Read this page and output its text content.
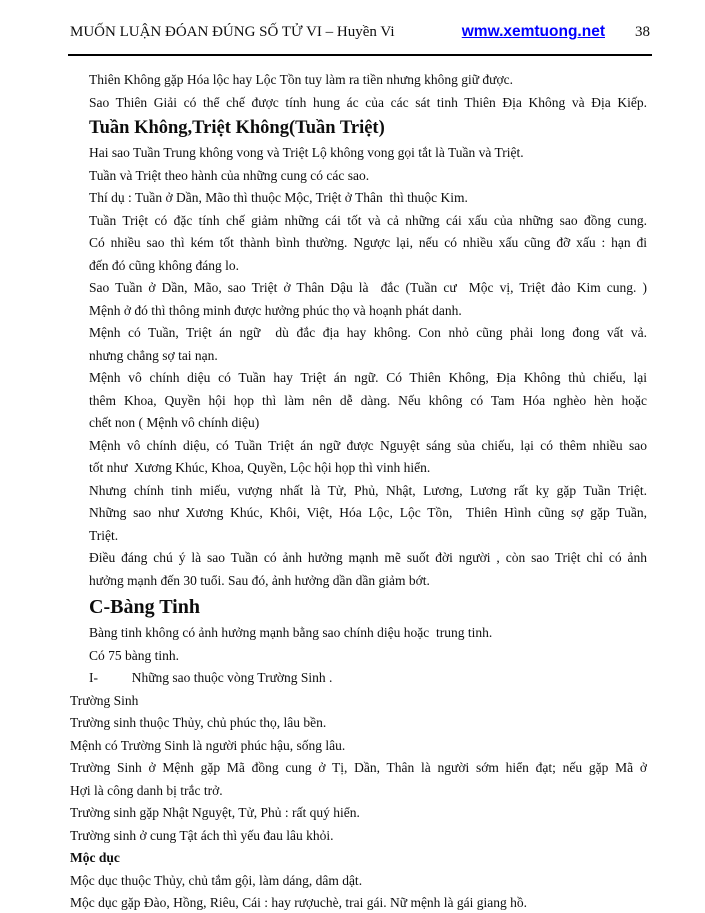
MUỐN LUẬN ĐÓAN ĐÚNG SỐ TỬ VI – Huyền Vi	wmw.xemtuong.net 38
Thiên Không gặp Hóa lộc hay Lộc Tồn tuy làm ra tiền nhưng không giữ được.
Sao Thiên Giải có thể chế được tính hung ác của các sát tinh Thiên Địa Không và Địa Kiếp.
Tuần Không,Triệt Không(Tuần Triệt)
Hai sao Tuần Trung không vong và Triệt Lộ không vong gọi tắt là Tuần và Triệt.
Tuần và Triệt theo hành của những cung có các sao.
Thí dụ : Tuần ở Dần, Mão thì thuộc Mộc, Triệt ở Thân  thì thuộc Kim.
Tuần Triệt có đặc tính chế giảm những cái tốt và cả những cái xấu của những sao đồng cung.
Có nhiều sao thì kém tốt thành bình thường. Ngược lại, nếu có nhiều xấu cũng đỡ xấu : hạn đi
đến đó cũng không đáng lo.
Sao Tuần ở Dần, Mão, sao Triệt ở Thân Dậu là  đắc (Tuần cư  Mộc vị, Triệt đảo Kim cung. )
Mệnh ở đó thì thông minh được hưởng phúc thọ và hoạnh phát danh.
Mệnh có Tuần, Triệt án ngữ  dù đắc địa hay không. Con nhỏ cũng phải long đong vất vả.
nhưng chẳng sợ tai nạn.
Mệnh vô chính diệu có Tuần hay Triệt án ngữ. Có Thiên Không, Địa Không thủ chiếu, lại
thêm Khoa, Quyền hội họp thì làm nên dễ dàng. Nếu không có Tam Hóa nghèo hèn hoặc
chết non ( Mệnh vô chính diệu)
Mệnh vô chính diệu, có Tuần Triệt án ngữ được Nguyệt sáng sủa chiếu, lại có thêm nhiều sao
tốt như  Xương Khúc, Khoa, Quyền, Lộc hội họp thì vinh hiển.
Nhưng chính tinh miếu, vượng nhất là Tử, Phủ, Nhật, Lương, Lương rất kỵ gặp Tuần Triệt.
Những sao như Xương Khúc, Khôi, Việt, Hóa Lộc, Lộc Tồn,  Thiên Hình cũng sợ gặp Tuần,
Triệt.
Điều đáng chú ý là sao Tuần có ảnh hưởng mạnh mẽ suốt đời người , còn sao Triệt chỉ có ảnh
hưởng mạnh đến 30 tuổi. Sau đó, ảnh hưởng dần dần giảm bớt.
C-Bàng Tinh
Bàng tinh không có ảnh hưởng mạnh bằng sao chính diệu hoặc  trung tinh.
Có 75 bàng tinh.
I-          Những sao thuộc vòng Trường Sinh .
Trường Sinh
Trường sinh thuộc Thủy, chủ phúc thọ, lâu bền.
Mệnh có Trường Sinh là người phúc hậu, sống lâu.
Trường Sinh ở Mệnh gặp Mã đồng cung ở Tị, Dần, Thân là người sớm hiển đạt; nếu gặp Mã ở
Hợi là công danh bị trắc trở.
Trường sinh gặp Nhật Nguyệt, Tử, Phủ : rất quý hiển.
Trường sinh ở cung Tật ách thì yếu đau lâu khỏi.
Mộc dục
Mộc dục thuộc Thủy, chủ tắm gội, làm dáng, dâm dật.
Mộc dục gặp Đào, Hồng, Riêu, Cái : hay rượuchè, trai gái. Nữ mệnh là gái giang hồ.
